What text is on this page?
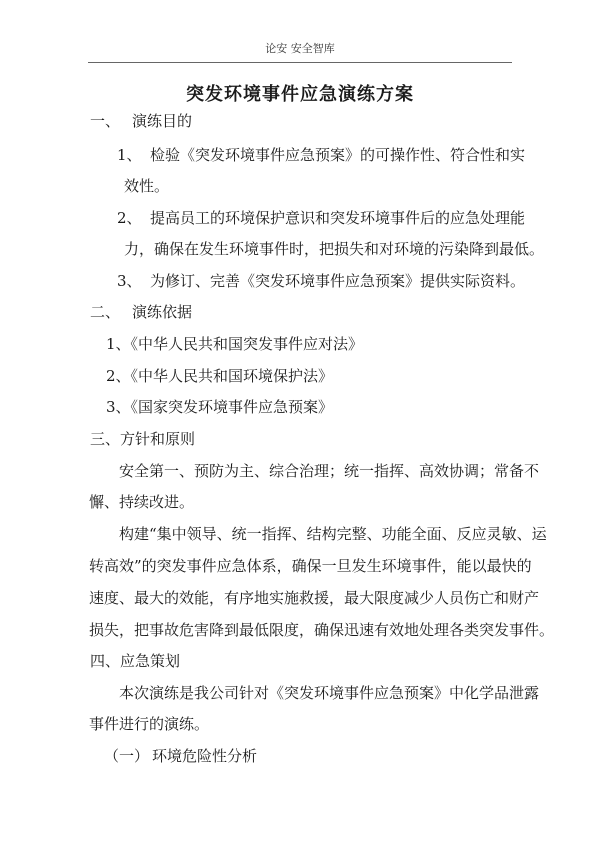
论安 安全智库
突发环境事件应急演练方案
一、 演练目的
1、 检验《突发环境事件应急预案》的可操作性、符合性和实
效性。
2、 提高员工的环境保护意识和突发环境事件后的应急处理能
力，确保在发生环境事件时，把损失和对环境的污染降到最低。
3、 为修订、完善《突发环境事件应急预案》提供实际资料。
二、 演练依据
1、《中华人民共和国突发事件应对法》
2、《中华人民共和国环境保护法》
3、《国家突发环境事件应急预案》
三、方针和原则
安全第一、预防为主、综合治理；统一指挥、高效协调；常备不
懈、持续改进。
构建“集中领导、统一指挥、结构完整、功能全面、反应灵敏、运
转高效”的突发事件应急体系，确保一旦发生环境事件，能以最快的
速度、最大的效能，有序地实施救援，最大限度减少人员伤亡和财产
损失，把事故危害降到最低限度，确保迅速有效地处理各类突发事件。
四、应急策划
本次演练是我公司针对《突发环境事件应急预案》中化学品泄露
事件进行的演练。
（一） 环境危险性分析
